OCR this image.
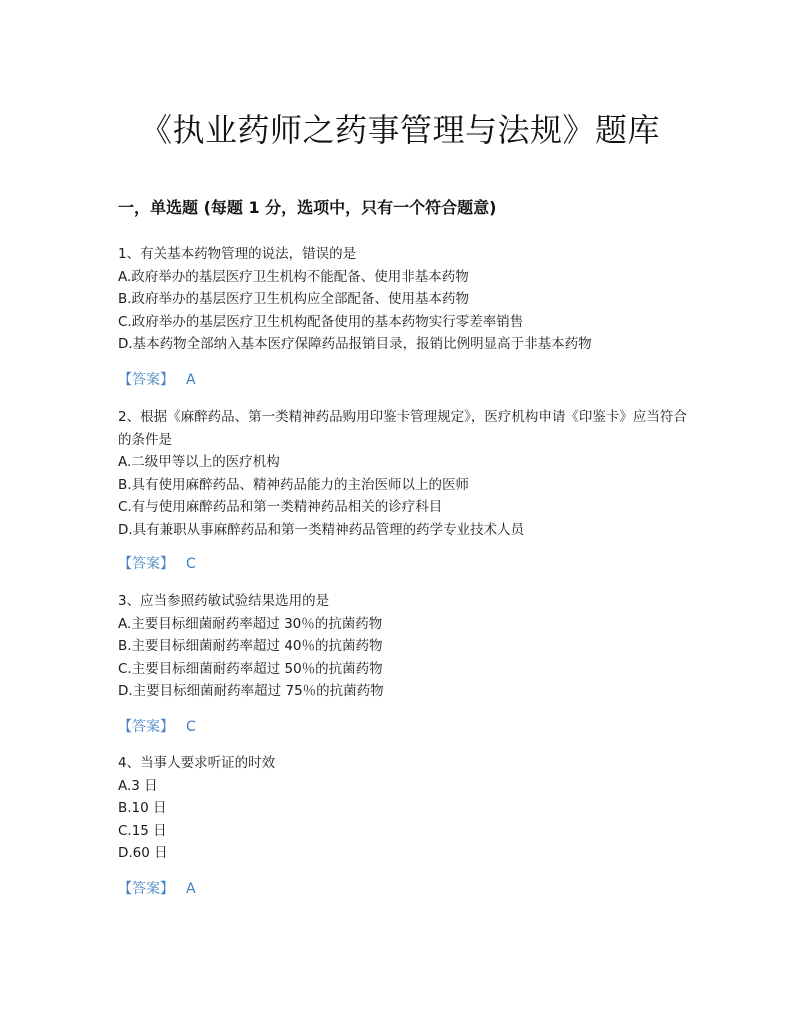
《执业药师之药事管理与法规》题库
一，单选题 (每题 1 分，选项中，只有一个符合题意)

1、有关基本药物管理的说法，错误的是

A.政府举办的基层医疗卫生机构不能配备、使用非基本药物

B.政府举办的基层医疗卫生机构应全部配备、使用基本药物

C.政府举办的基层医疗卫生机构配备使用的基本药物实行零差率销售

D.基本药物全部纳入基本医疗保障药品报销目录，报销比例明显高于非基本药物

【答案】 A

2、根据《麻醉药品、第一类精神药品购用印鉴卡管理规定》，医疗机构申请《印鉴卡》应当符合的条件是

A.二级甲等以上的医疗机构

B.具有使用麻醉药品、精神药品能力的主治医师以上的医师

C.有与使用麻醉药品和第一类精神药品相关的诊疗科目

D.具有兼职从事麻醉药品和第一类精神药品管理的药学专业技术人员

【答案】 C

3、应当参照药敏试验结果选用的是

A.主要目标细菌耐药率超过 30％的抗菌药物

B.主要目标细菌耐药率超过 40％的抗菌药物

C.主要目标细菌耐药率超过 50％的抗菌药物

D.主要目标细菌耐药率超过 75％的抗菌药物

【答案】 C

4、当事人要求听证的时效

A.3 日

B.10 日

C.15 日

D.60 日

【答案】 A
